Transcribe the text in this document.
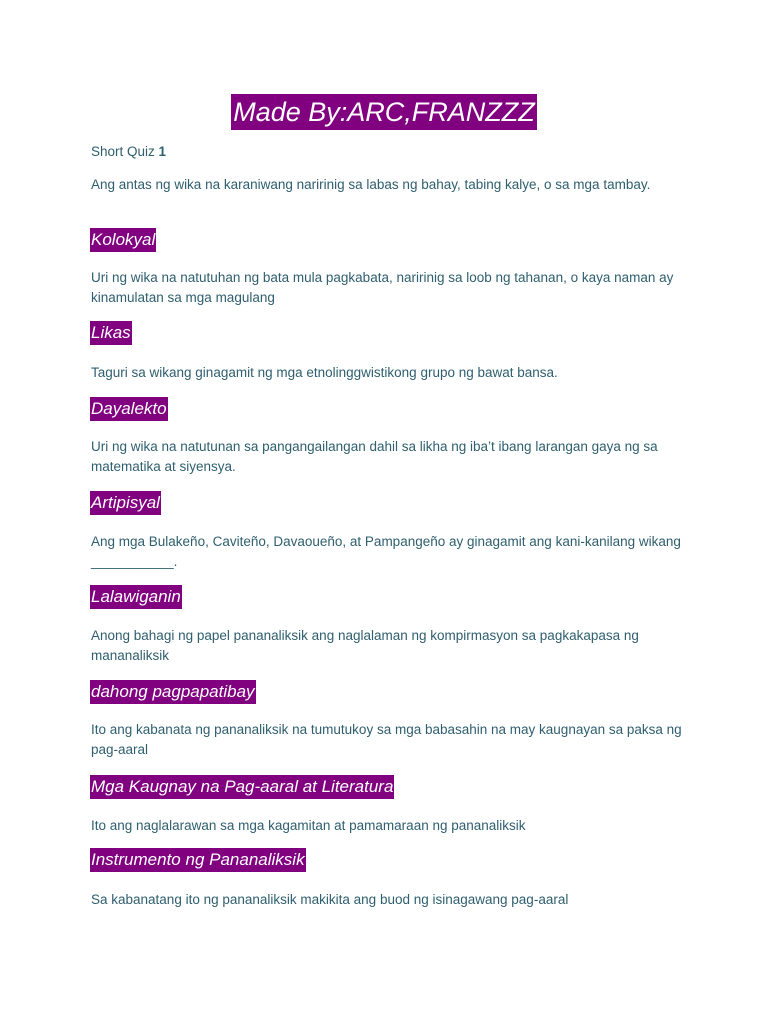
Made By:ARC,FRANZZZ
Short Quiz 1
Ang antas ng wika na karaniwang naririnig sa labas ng bahay, tabing kalye, o sa mga tambay.
Kolokyal
Uri ng wika na natutuhan ng bata mula pagkabata, naririnig sa loob ng tahanan, o kaya naman ay kinamulatan sa mga magulang
Likas
Taguri sa wikang ginagamit ng mga etnolinggwistikong grupo ng bawat bansa.
Dayalekto
Uri ng wika na natutunan sa pangangailangan dahil sa likha ng iba’t ibang larangan gaya ng sa matematika at siyensya.
Artipisyal
Ang mga Bulakeño, Caviteño, Davaoueño, at Pampangeño ay ginagamit ang kani-kanilang wikang ___________.
Lalawiganin
Anong bahagi ng papel pananaliksik ang naglalaman ng kompirmasyon sa pagkakapasa ng mananaliksik
dahong pagpapatibay
Ito ang kabanata ng pananaliksik na tumutukoy sa mga babasahin na may kaugnayan sa paksa ng pag-aaral
Mga Kaugnay na Pag-aaral at Literatura
Ito ang naglalarawan sa mga kagamitan at pamamaraan ng pananaliksik
Instrumento ng Pananaliksik
Sa kabanatang ito ng pananaliksik makikita ang buod ng isinagawang pag-aaral
